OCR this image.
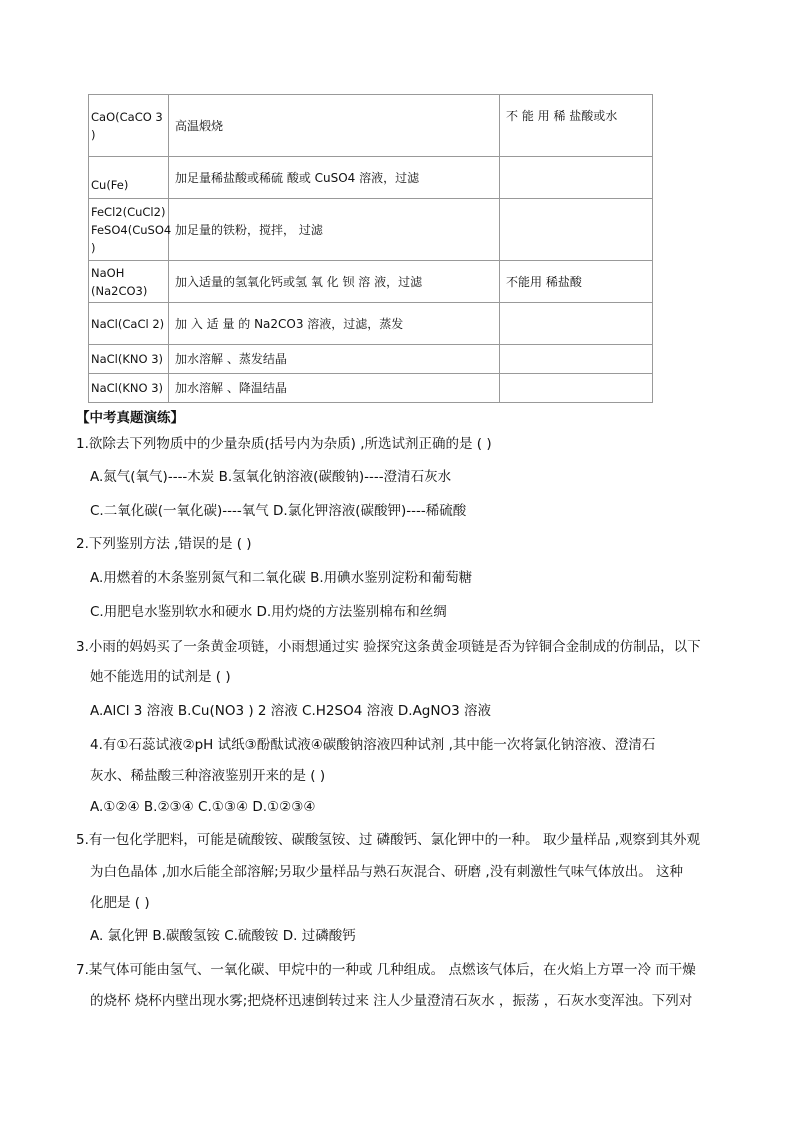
CaO(CaCO 3 )	高温煅烧	不 能 用 稀 盐酸或水
Cu(Fe)	加足量稀盐酸或稀硫 酸或 CuSO4 溶液，过滤	
FeCl2(CuCl2) FeSO4(CuSO4 )	加足量的铁粉，搅拌， 过滤	
NaOH (Na2CO3)	加入适量的氢氧化钙或氢 氧 化 钡 溶 液，过滤	不能用 稀盐酸
NaCl(CaCl 2)	加 入 适 量 的 Na2CO3 溶液，过滤，蒸发	
NaCl(KNO 3)	加水溶解 、蒸发结晶	
NaCl(KNO 3)	加水溶解 、降温结晶	
【中考真题演练】
1.欲除去下列物质中的少量杂质(括号内为杂质) ,所选试剂正确的是 ( )
A.氮气(氧气)----木炭 B.氢氧化钠溶液(碳酸钠)----澄清石灰水
C.二氧化碳(一氧化碳)----氧气 D.氯化钾溶液(碳酸钾)----稀硫酸
2.下列鉴别方法 ,错误的是 ( )
A.用燃着的木条鉴别氮气和二氧化碳 B.用碘水鉴别淀粉和葡萄糖
C.用肥皂水鉴别软水和硬水 D.用灼烧的方法鉴别棉布和丝绸
3.小雨的妈妈买了一条黄金项链，小雨想通过实 验探究这条黄金项链是否为锌铜合金制成的仿制品，以下
她不能选用的试剂是 ( )
A.AlCl 3 溶液 B.Cu(NO3 ) 2 溶液 C.H2SO4 溶液 D.AgNO3 溶液
4.有①石蕊试液②pH 试纸③酚酞试液④碳酸钠溶液四种试剂 ,其中能一次将氯化钠溶液、澄清石
灰水、稀盐酸三种溶液鉴别开来的是 ( )
A.①②④ B.②③④ C.①③④ D.①②③④
5.有一包化学肥料，可能是硫酸铵、碳酸氢铵、过 磷酸钙、氯化钾中的一种。 取少量样品 ,观察到其外观
为白色晶体 ,加水后能全部溶解;另取少量样品与熟石灰混合、研磨 ,没有刺激性气味气体放出。 这种
化肥是 ( )
A. 氯化钾 B.碳酸氢铵 C.硫酸铵 D. 过磷酸钙
7.某气体可能由氢气、一氧化碳、甲烷中的一种或 几种组成。 点燃该气体后，在火焰上方罩一冷 而干燥
的烧杯 烧杯内壁出现水雾;把烧杯迅速倒转过来 注人少量澄清石灰水 ，振荡 ，石灰水变浑浊。下列对
